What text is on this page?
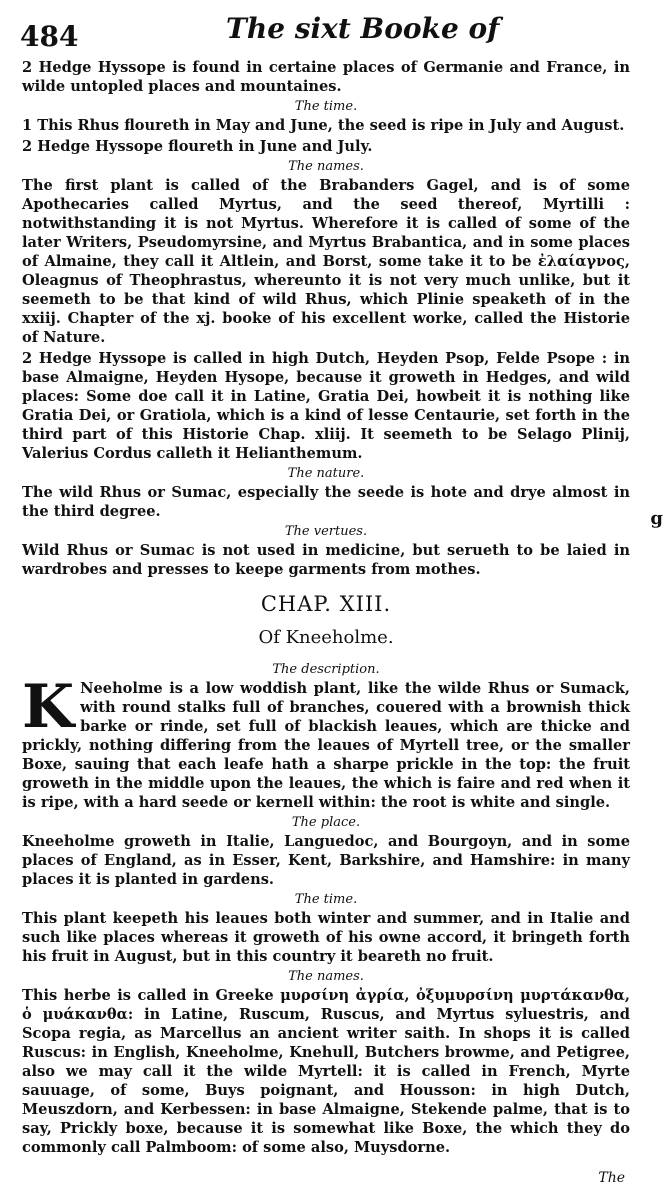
484	The sixt Booke of

2 Hedge Hyssope is found in certaine places of Germanie and France, in wilde untopled places and mountaines.

The time.

1 This Rhus floureth in May and June, the seed is ripe in July and August.

2 Hedge Hyssope floureth in June and July.

The names.

The first plant is called of the Brabanders Gagel, and is of some Apothecaries called Myrtus, and the seed thereof, Myrtilli : notwithstanding it is not Myrtus. Wherefore it is called of some of the later Writers, Pseudomyrsine, and Myrtus Brabantica, and in some places of Almaine, they call it Altlein, and Borst, some take it to be ἐλαίαγνος, Oleagnus of Theophrastus, whereunto it is not very much unlike, but it seemeth to be that kind of wild Rhus, which Plinie speaketh of in the xxiij. Chapter of the xj. booke of his excellent worke, called the Historie of Nature.

2 Hedge Hyssope is called in high Dutch, Heyden Psop, Felde Psope : in base Almaigne, Heyden Hysope, because it groweth in Hedges, and wild places: Some doe call it in Latine, Gratia Dei, howbeit it is nothing like Gratia Dei, or Gratiola, which is a kind of lesse Centaurie, set forth in the third part of this Historie Chap. xliij. It seemeth to be Selago Plinij, Valerius Cordus calleth it Helianthemum.

The nature.

The wild Rhus or Sumac, especially the seede is hote and drye almost in the third degree.

The vertues.

Wild Rhus or Sumac is not used in medicine, but serueth to be laied in wardrobes and presses to keepe garments from mothes.

CHAP. XIII.
Of Kneeholme.
The description.

K Neeholme is a low woddish plant, like the wilde Rhus or Sumack, with round stalks full of branches, couered with a brownish thick barke or rinde, set full of blackish leaues, which are thicke and prickly, nothing differing from the leaues of Myrtell tree, or the smaller Boxe, sauing that each leafe hath a sharpe prickle in the top: the fruit groweth in the middle upon the leaues, the which is faire and red when it is ripe, with a hard seede or kernell within: the root is white and single.

The place.

Kneeholme groweth in Italie, Languedoc, and Bourgoyn, and in some places of England, as in Esser, Kent, Barkshire, and Hamshire: in many places it is planted in gardens.

The time.

This plant keepeth his leaues both winter and summer, and in Italie and such like places whereas it groweth of his owne accord, it bringeth forth his fruit in August, but in this country it beareth no fruit.

The names.

This herbe is called in Greeke μυρσίνη ἀγρία, ὀξυμυρσίνη μυρτάκανθα, ὁ μυάκανθα: in Latine, Ruscum, Ruscus, and Myrtus syluestris, and Scopa regia, as Marcellus an ancient writer saith. In shops it is called Ruscus: in English, Kneeholme, Knehull, Butchers browme, and Petigree, also we may call it the wilde Myrtell: it is called in French, Myrte sauuage, of some, Buys poignant, and Housson: in high Dutch, Meuszdorn, and Kerbessen: in base Almaigne, Stekende palme, that is to say, Prickly boxe, because it is somewhat like Boxe, the which they do commonly call Palmboom: of some also, Muysdorne.

g
The
